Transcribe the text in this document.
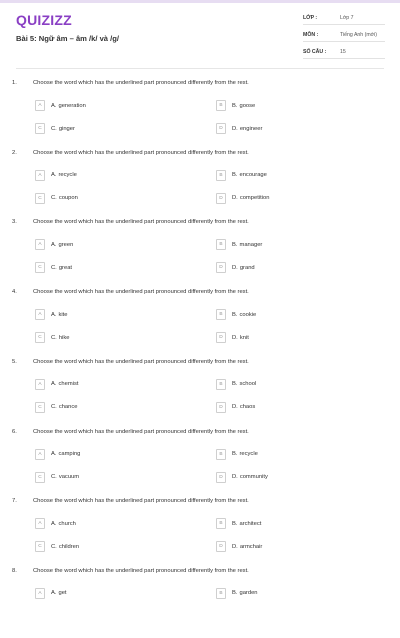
QUIZIZZ
Bài 5: Ngữ âm – âm /k/ và /g/
LỚP :	Lớp 7
MÔN :	Tiếng Anh (mới)
SỐ CÂU :	15
1.	Choose the word which has the underlined part pronounced differently from the rest.
A	A. generation	B	B. goose
C	C. ginger	D	D. engineer
2.	Choose the word which has the underlined part pronounced differently from the rest.
A	A. recycle	B	B. encourage
C	C. coupon	D	D. competition
3.	Choose the word which has the underlined part pronounced differently from the rest.
A	A. green	B	B. manager
C	C. great	D	D. grand
4.	Choose the word which has the underlined part pronounced differently from the rest.
A	A. kite	B	B. cookie
C	C. hike	D	D. knit
5.	Choose the word which has the underlined part pronounced differently from the rest.
A	A. chemist	B	B. school
C	C. chance	D	D. chaos
6.	Choose the word which has the underlined part pronounced differently from the rest.
A	A. camping	B	B. recycle
C	C. vacuum	D	D. community
7.	Choose the word which has the underlined part pronounced differently from the rest.
A	A. church	B	B. architect
C	C. children	D	D. armchair
8.	Choose the word which has the underlined part pronounced differently from the rest.
A	A. get	B	B. garden
